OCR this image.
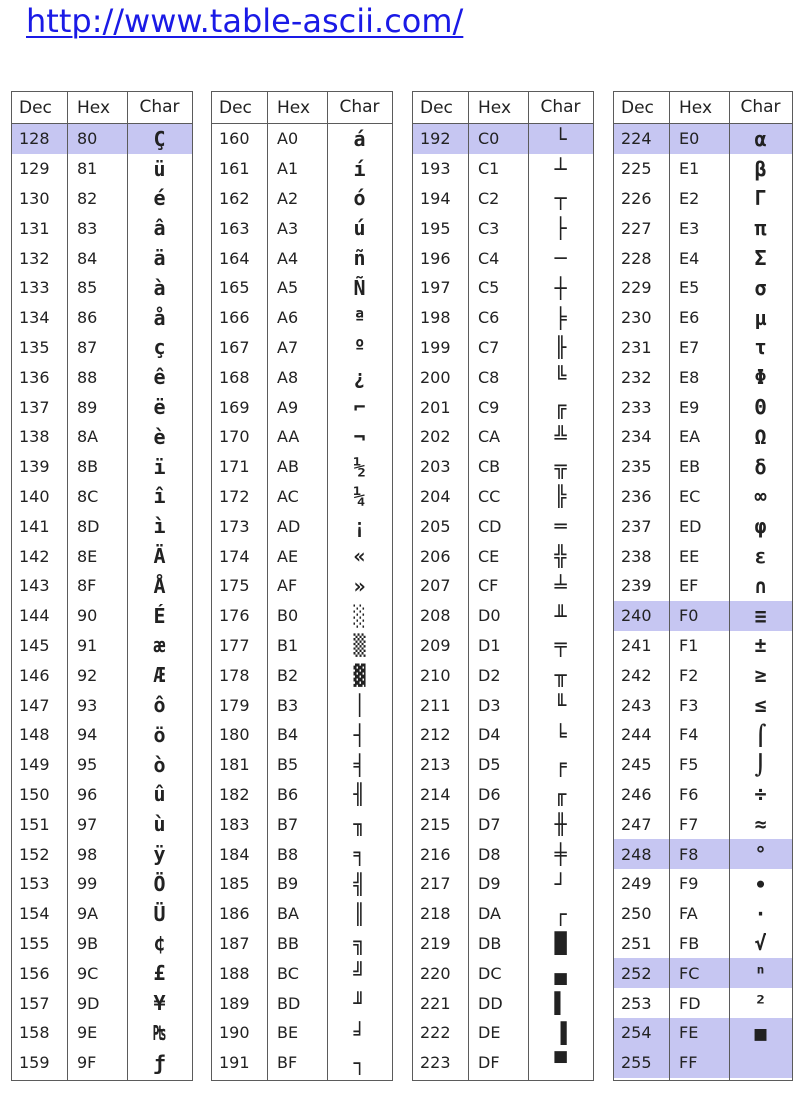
http://www.table-ascii.com/
Dec	Hex	Char
128	80	Ç
129	81	ü
130	82	é
131	83	â
132	84	ä
133	85	à
134	86	å
135	87	ç
136	88	ê
137	89	ë
138	8A	è
139	8B	ï
140	8C	î
141	8D	ì
142	8E	Ä
143	8F	Å
144	90	É
145	91	æ
146	92	Æ
147	93	ô
148	94	ö
149	95	ò
150	96	û
151	97	ù
152	98	ÿ
153	99	Ö
154	9A	Ü
155	9B	¢
156	9C	£
157	9D	¥
158	9E	₧
159	9F	ƒ
Dec	Hex	Char
160	A0	á
161	A1	í
162	A2	ó
163	A3	ú
164	A4	ñ
165	A5	Ñ
166	A6	ª
167	A7	º
168	A8	¿
169	A9	⌐
170	AA	¬
171	AB	½
172	AC	¼
173	AD	¡
174	AE	«
175	AF	»
176	B0	░
177	B1	▒
178	B2	▓
179	B3	│
180	B4	┤
181	B5	╡
182	B6	╢
183	B7	╖
184	B8	╕
185	B9	╣
186	BA	║
187	BB	╗
188	BC	╝
189	BD	╜
190	BE	╛
191	BF	┐
Dec	Hex	Char
192	C0	└
193	C1	┴
194	C2	┬
195	C3	├
196	C4	─
197	C5	┼
198	C6	╞
199	C7	╟
200	C8	╚
201	C9	╔
202	CA	╩
203	CB	╦
204	CC	╠
205	CD	═
206	CE	╬
207	CF	╧
208	D0	╨
209	D1	╤
210	D2	╥
211	D3	╙
212	D4	╘
213	D5	╒
214	D6	╓
215	D7	╫
216	D8	╪
217	D9	┘
218	DA	┌
219	DB	█
220	DC	▄
221	DD	▌
222	DE	▐
223	DF	▀
Dec	Hex	Char
224	E0	α
225	E1	β
226	E2	Γ
227	E3	π
228	E4	Σ
229	E5	σ
230	E6	µ
231	E7	τ
232	E8	Φ
233	E9	Θ
234	EA	Ω
235	EB	δ
236	EC	∞
237	ED	φ
238	EE	ε
239	EF	∩
240	F0	≡
241	F1	±
242	F2	≥
243	F3	≤
244	F4	⌠
245	F5	⌡
246	F6	÷
247	F7	≈
248	F8	°
249	F9	∙
250	FA	·
251	FB	√
252	FC	ⁿ
253	FD	²
254	FE	■
255	FF
